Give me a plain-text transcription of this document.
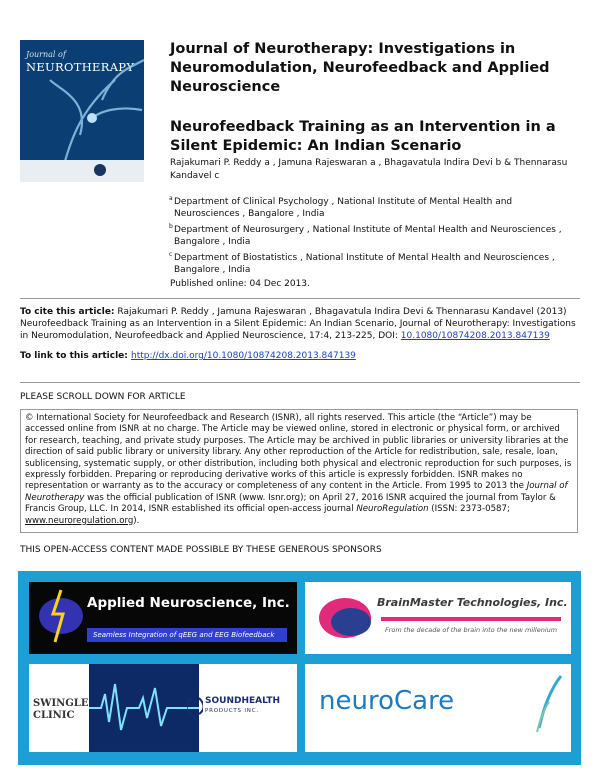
Journal of
NEUROTHERAPY
Journal of Neurotherapy: Investigations in Neuromodulation, Neurofeedback and Applied Neuroscience
Neurofeedback Training as an Intervention in a Silent Epidemic: An Indian Scenario
Rajakumari P. Reddy a , Jamuna Rajeswaran a , Bhagavatula Indira Devi b & Thennarasu
Kandavel c
a Department of Clinical Psychology , National Institute of Mental Health and Neurosciences , Bangalore , India
b Department of Neurosurgery , National Institute of Mental Health and Neurosciences , Bangalore , India
c Department of Biostatistics , National Institute of Mental Health and Neurosciences , Bangalore , India
Published online: 04 Dec 2013.
To cite this article: Rajakumari P. Reddy , Jamuna Rajeswaran , Bhagavatula Indira Devi & Thennarasu Kandavel (2013) Neurofeedback Training as an Intervention in a Silent Epidemic: An Indian Scenario, Journal of Neurotherapy: Investigations in Neuromodulation, Neurofeedback and Applied Neuroscience, 17:4, 213-225, DOI: 10.1080/10874208.2013.847139
To link to this article: http://dx.doi.org/10.1080/10874208.2013.847139
PLEASE SCROLL DOWN FOR ARTICLE
© International Society for Neurofeedback and Research (ISNR), all rights reserved. This article (the “Article”) may be accessed online from ISNR at no charge. The Article may be viewed online, stored in electronic or physical form, or archived for research, teaching, and private study purposes. The Article may be archived in public libraries or university libraries at the direction of said public library or university library. Any other reproduction of the Article for redistribution, sale, resale, loan, sublicensing, systematic supply, or other distribution, including both physical and electronic reproduction for such purposes, is expressly forbidden. Preparing or reproducing derivative works of this article is expressly forbidden. ISNR makes no representation or warranty as to the accuracy or completeness of any content in the Article. From 1995 to 2013 the Journal of Neurotherapy was the official publication of ISNR (www. Isnr.org); on April 27, 2016 ISNR acquired the journal from Taylor & Francis Group, LLC. In 2014, ISNR established its official open-access journal NeuroRegulation (ISSN: 2373-0587; www.neuroregulation.org).
THIS OPEN-ACCESS CONTENT MADE POSSIBLE BY THESE GENEROUS SPONSORS
Applied Neuroscience, Inc.
Seamless Integration of qEEG and EEG Biofeedback
BrainMaster Technologies, Inc.
From the decade of the brain into the new millenium
SWINGLE
CLINIC
SOUNDHEALTH
PRODUCTS INC. neuroCare
